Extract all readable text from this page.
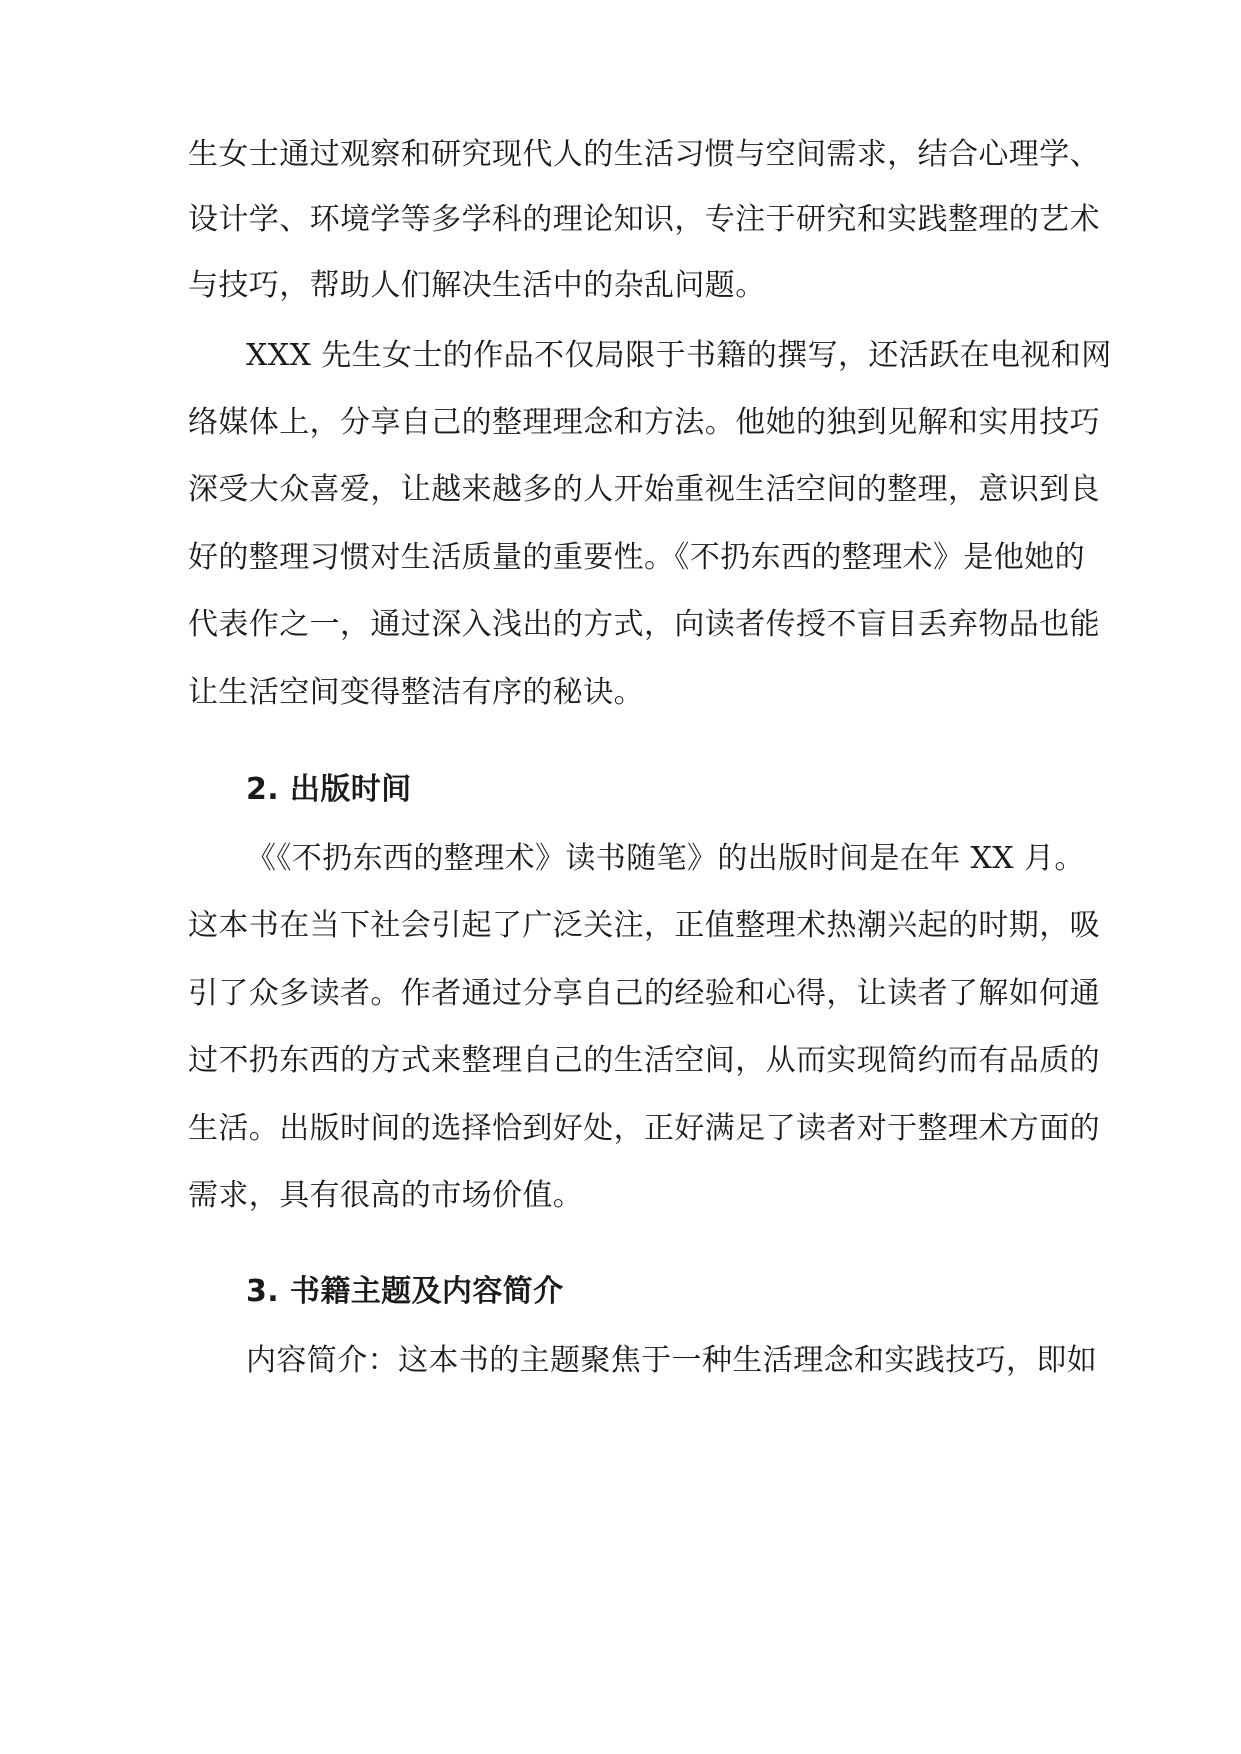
生女士通过观察和研究现代人的生活习惯与空间需求，结合心理学、
设计学、环境学等多学科的理论知识，专注于研究和实践整理的艺术
与技巧，帮助人们解决生活中的杂乱问题。
XXX 先生女士的作品不仅局限于书籍的撰写，还活跃在电视和网
络媒体上，分享自己的整理理念和方法。他她的独到见解和实用技巧
深受大众喜爱，让越来越多的人开始重视生活空间的整理，意识到良
好的整理习惯对生活质量的重要性。《不扔东西的整理术》是他她的
代表作之一，通过深入浅出的方式，向读者传授不盲目丢弃物品也能
让生活空间变得整洁有序的秘诀。
2. 出版时间
《《不扔东西的整理术》读书随笔》的出版时间是在年 XX 月。
这本书在当下社会引起了广泛关注，正值整理术热潮兴起的时期，吸
引了众多读者。作者通过分享自己的经验和心得，让读者了解如何通
过不扔东西的方式来整理自己的生活空间，从而实现简约而有品质的
生活。出版时间的选择恰到好处，正好满足了读者对于整理术方面的
需求，具有很高的市场价值。
3. 书籍主题及内容简介
内容简介：这本书的主题聚焦于一种生活理念和实践技巧，即如
